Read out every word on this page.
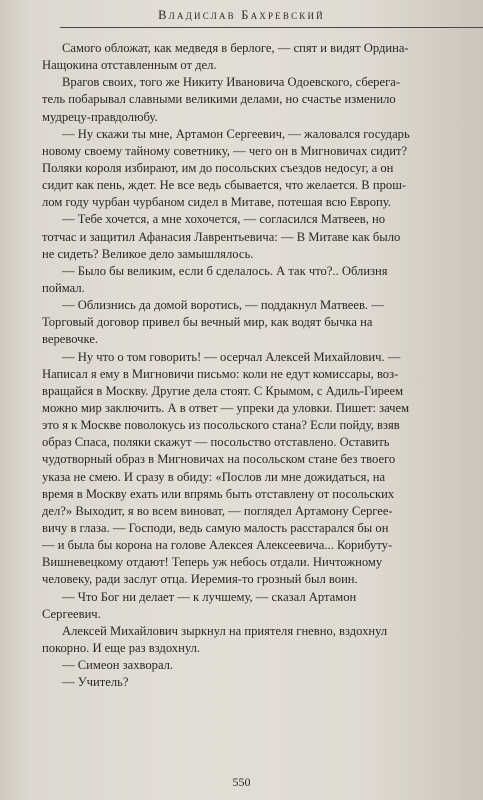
Владислав Бахревский
Самого обложат, как медведя в берлоге, — спят и видят Ордина-
Нащокина отставленным от дел.
Врагов своих, того же Никиту Ивановича Одоевского, сберега-
тель побарывал славными великими делами, но счастье изменило
мудрецу-правдолюбу.
— Ну скажи ты мне, Артамон Сергеевич, — жаловался государь
новому своему тайному советнику, — чего он в Мигновичах сидит?
Поляки короля избирают, им до посольских съездов недосуг, а он
сидит как пень, ждет. Не все ведь сбывается, что желается. В прош-
лом году чурбан чурбаном сидел в Митаве, потешая всю Европу.
— Тебе хочется, а мне хохочется, — согласился Матвеев, но
тотчас и защитил Афанасия Лаврентьевича: — В Митаве как было
не сидеть? Великое дело замышлялось.
— Было бы великим, если б сделалось. А так что?.. Облизня
поймал.
— Облизнись да домой воротись, — поддакнул Матвеев. —
Торговый договор привел бы вечный мир, как водят бычка на
веревочке.
— Ну что о том говорить! — осерчал Алексей Михайлович. —
Написал я ему в Мигновичи письмо: коли не едут комиссары, воз-
вращайся в Москву. Другие дела стоят. С Крымом, с Адиль-Гиреем
можно мир заключить. А в ответ — упреки да уловки. Пишет: зачем
это я к Москве поволокусь из посольского стана? Если пойду, взяв
образ Спаса, поляки скажут — посольство отставлено. Оставить
чудотворный образ в Мигновичах на посольском стане без твоего
указа не смею. И сразу в обиду: «Послов ли мне дожидаться, на
время в Москву ехать или впрямь быть отставлену от посольских
дел?» Выходит, я во всем виноват, — поглядел Артамону Сергее-
вичу в глаза. — Господи, ведь самую малость расстарался бы он
— и была бы корона на голове Алексея Алексеевича... Корибуту-
Вишневецкому отдают! Теперь уж небось отдали. Ничтожному
человеку, ради заслуг отца. Иеремия-то грозный был воин.
— Что Бог ни делает — к лучшему, — сказал Артамон
Сергеевич.
Алексей Михайлович зыркнул на приятеля гневно, вздохнул
покорно. И еще раз вздохнул.
— Симеон захворал.
— Учитель?
550
